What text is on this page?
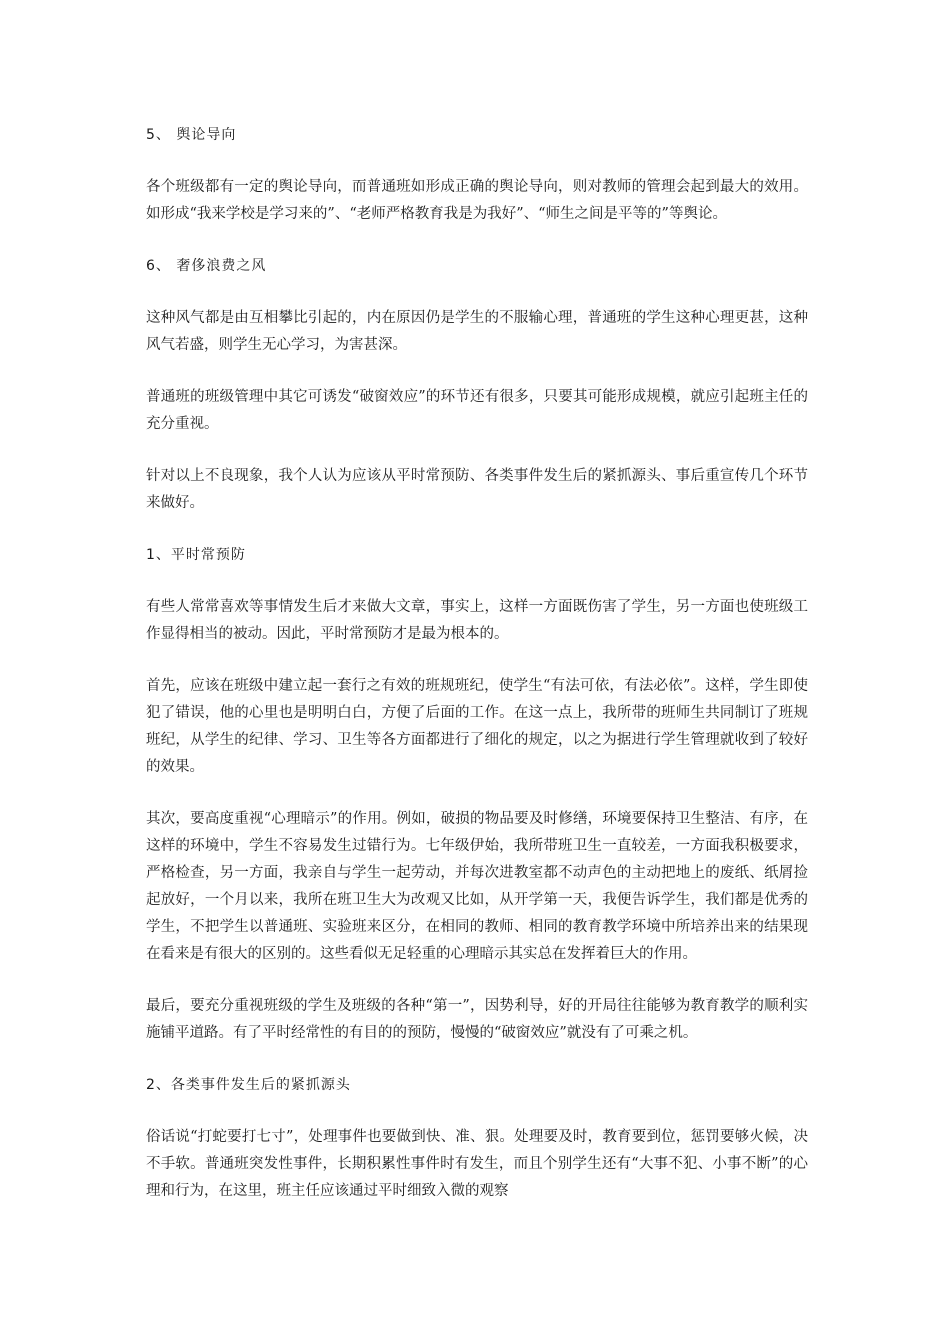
5、 舆论导向
各个班级都有一定的舆论导向，而普通班如形成正确的舆论导向，则对教师的管理会起到最大的效用。如形成“我来学校是学习来的”、“老师严格教育我是为我好”、“师生之间是平等的”等舆论。
6、 奢侈浪费之风
这种风气都是由互相攀比引起的，内在原因仍是学生的不服输心理，普通班的学生这种心理更甚，这种风气若盛，则学生无心学习，为害甚深。
普通班的班级管理中其它可诱发“破窗效应”的环节还有很多，只要其可能形成规模，就应引起班主任的充分重视。
针对以上不良现象，我个人认为应该从平时常预防、各类事件发生后的紧抓源头、事后重宣传几个环节来做好。
1、平时常预防
有些人常常喜欢等事情发生后才来做大文章，事实上，这样一方面既伤害了学生，另一方面也使班级工作显得相当的被动。因此，平时常预防才是最为根本的。
首先，应该在班级中建立起一套行之有效的班规班纪，使学生“有法可依，有法必依”。这样，学生即使犯了错误，他的心里也是明明白白，方便了后面的工作。在这一点上，我所带的班师生共同制订了班规班纪，从学生的纪律、学习、卫生等各方面都进行了细化的规定，以之为据进行学生管理就收到了较好的效果。
其次，要高度重视“心理暗示”的作用。例如，破损的物品要及时修缮，环境要保持卫生整洁、有序，在这样的环境中，学生不容易发生过错行为。七年级伊始，我所带班卫生一直较差，一方面我积极要求，严格检查，另一方面，我亲自与学生一起劳动，并每次进教室都不动声色的主动把地上的废纸、纸屑捡起放好，一个月以来，我所在班卫生大为改观又比如，从开学第一天，我便告诉学生，我们都是优秀的学生，不把学生以普通班、实验班来区分，在相同的教师、相同的教育教学环境中所培养出来的结果现在看来是有很大的区别的。这些看似无足轻重的心理暗示其实总在发挥着巨大的作用。
最后，要充分重视班级的学生及班级的各种“第一”，因势利导，好的开局往往能够为教育教学的顺利实施铺平道路。有了平时经常性的有目的的预防，慢慢的“破窗效应”就没有了可乘之机。
2、各类事件发生后的紧抓源头
俗话说“打蛇要打七寸”，处理事件也要做到快、准、狠。处理要及时，教育要到位，惩罚要够火候，决不手软。普通班突发性事件，长期积累性事件时有发生，而且个别学生还有“大事不犯、小事不断”的心理和行为，在这里，班主任应该通过平时细致入微的观察
